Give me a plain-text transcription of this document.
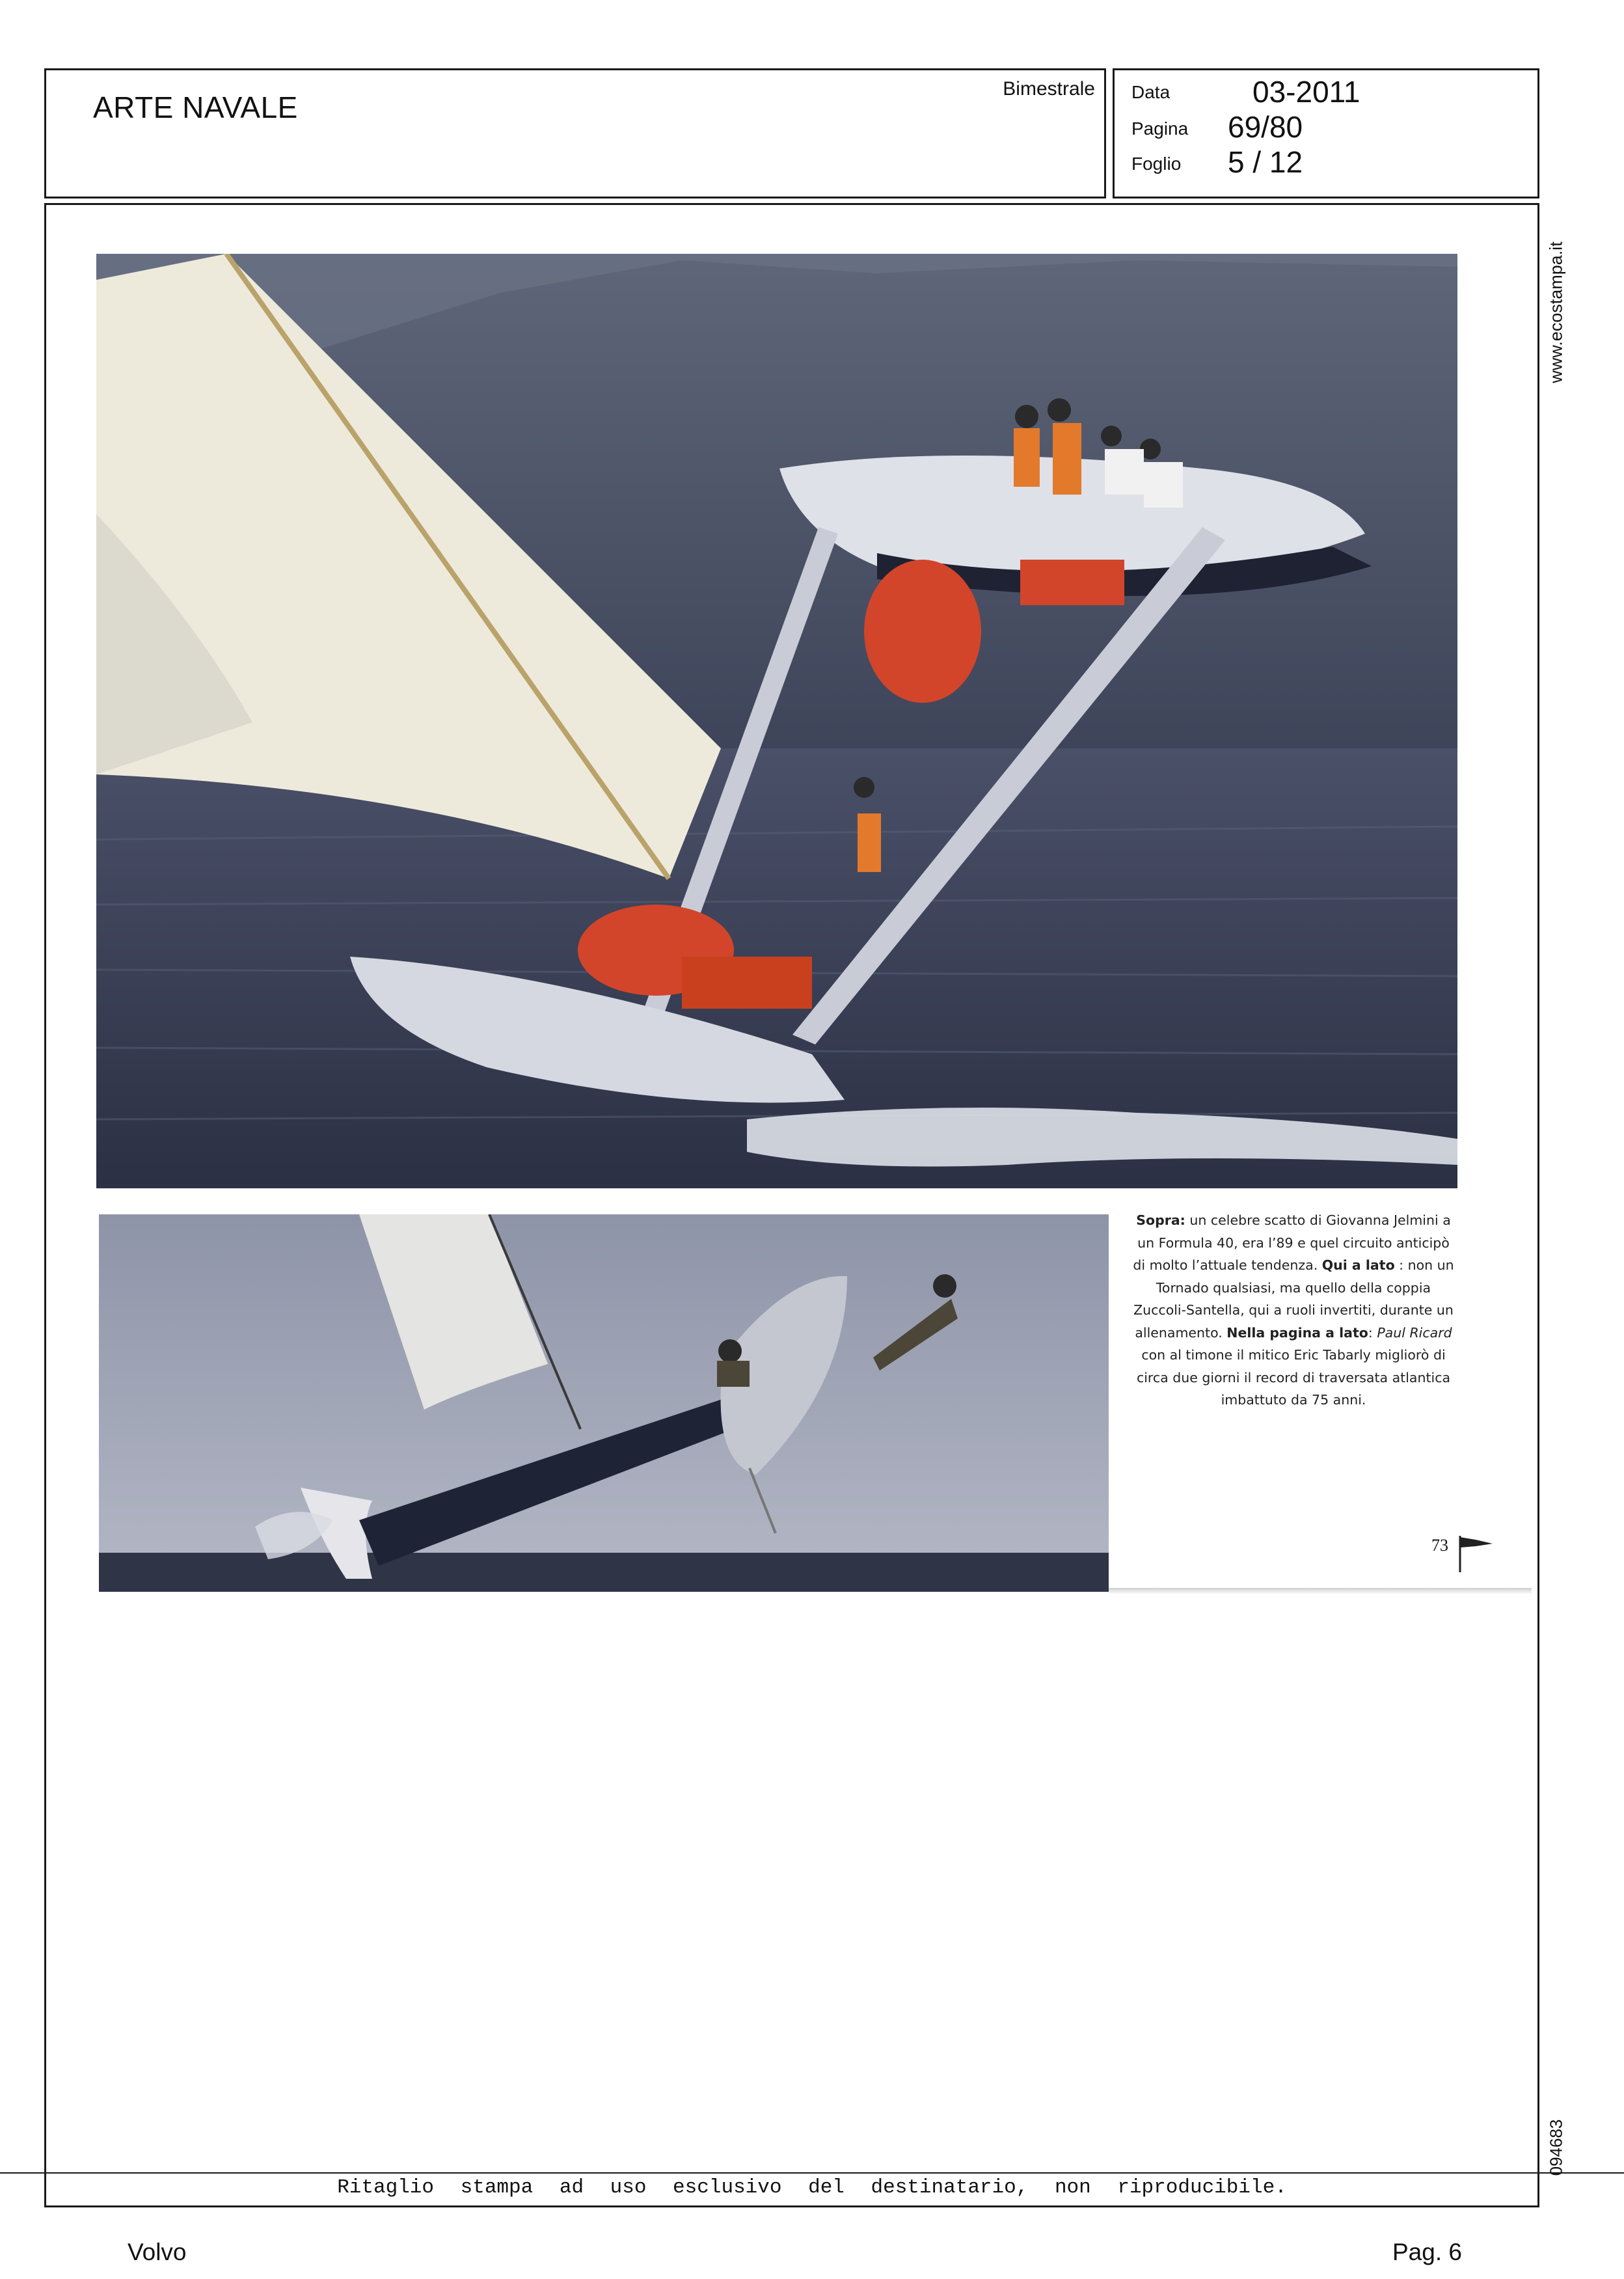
ARTE NAVALE
Bimestrale Data	03-2011
Pagina 69/80
Foglio 5 / 12
Ritaglio stampa ad uso esclusivo del destinatario, non riproducibile.
www.ecostampa.it
094683
Sopra: un celebre scatto di Giovanna Jelmini a un Formula 40, era l’89 e quel circuito anticipò di molto l’attuale tendenza. Qui a lato : non un Tornado qualsiasi, ma quello della coppia Zuccoli-Santella, qui a ruoli invertiti, durante un allenamento. Nella pagina a lato: Paul Ricard con al timone il mitico Eric Tabarly migliorò di circa due giorni il record di traversata atlantica imbattuto da 75 anni.
73
Volvo	Pag. 6
